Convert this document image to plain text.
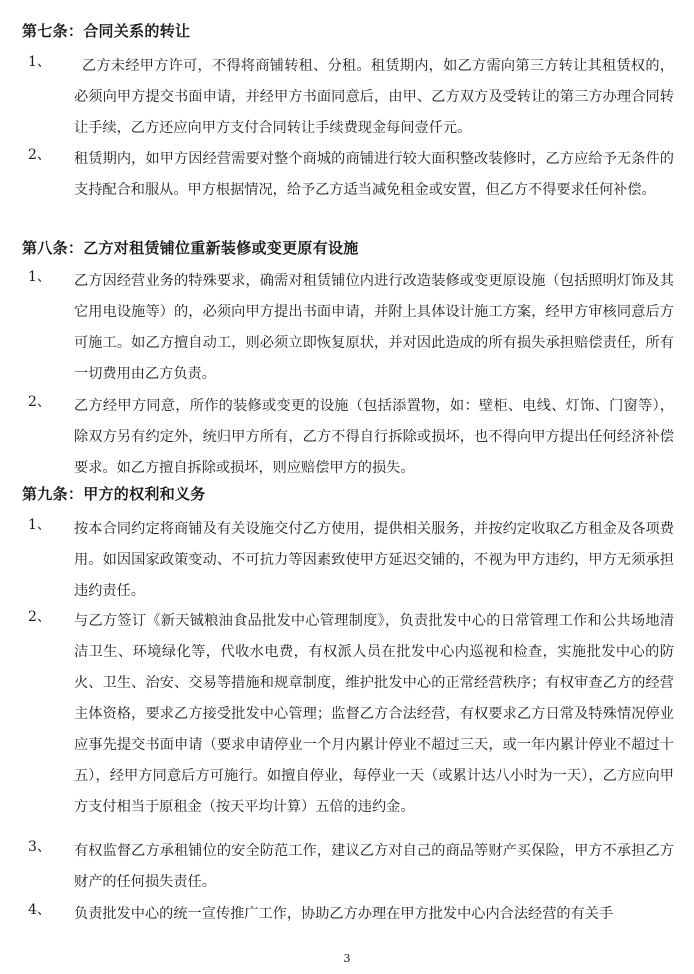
第七条：合同关系的转让
1、	乙方未经甲方许可，不得将商铺转租、分租。租赁期内，如乙方需向第三方转让其租赁权的，必须向甲方提交书面申请，并经甲方书面同意后，由甲、乙方双方及受转让的第三方办理合同转让手续，乙方还应向甲方支付合同转让手续费现金每间壹仟元。
2、 租赁期内，如甲方因经营需要对整个商城的商铺进行较大面积整改装修时，乙方应给予无条件的支持配合和服从。甲方根据情况，给予乙方适当减免租金或安置，但乙方不得要求任何补偿。
第八条：乙方对租赁铺位重新装修或变更原有设施
1、 乙方因经营业务的特殊要求，确需对租赁铺位内进行改造装修或变更原设施（包括照明灯饰及其它用电设施等）的，必须向甲方提出书面申请，并附上具体设计施工方案，经甲方审核同意后方可施工。如乙方擅自动工，则必须立即恢复原状，并对因此造成的所有损失承担赔偿责任，所有一切费用由乙方负责。
2、 乙方经甲方同意，所作的装修或变更的设施（包括添置物，如：壁柜、电线、灯饰、门窗等），除双方另有约定外，统归甲方所有，乙方不得自行拆除或损坏，也不得向甲方提出任何经济补偿要求。如乙方擅自拆除或损坏，则应赔偿甲方的损失。
第九条：甲方的权利和义务
1、 按本合同约定将商铺及有关设施交付乙方使用，提供相关服务，并按约定收取乙方租金及各项费用。如因国家政策变动、不可抗力等因素致使甲方延迟交铺的，不视为甲方违约，甲方无须承担违约责任。
2、 与乙方签订《新天铖粮油食品批发中心管理制度》，负责批发中心的日常管理工作和公共场地清洁卫生、环境绿化等，代收水电费，有权派人员在批发中心内巡视和检查，实施批发中心的防火、卫生、治安、交易等措施和规章制度，维护批发中心的正常经营秩序；有权审查乙方的经营主体资格，要求乙方接受批发中心管理；监督乙方合法经营，有权要求乙方日常及特殊情况停业应事先提交书面申请（要求申请停业一个月内累计停业不超过三天，或一年内累计停业不超过十五），经甲方同意后方可施行。如擅自停业，每停业一天（或累计达八小时为一天），乙方应向甲方支付相当于原租金（按天平均计算）五倍的违约金。
3、 有权监督乙方承租铺位的安全防范工作，建议乙方对自己的商品等财产买保险，甲方不承担乙方财产的任何损失责任。
4、 负责批发中心的统一宣传推广工作，协助乙方办理在甲方批发中心内合法经营的有关手
3
